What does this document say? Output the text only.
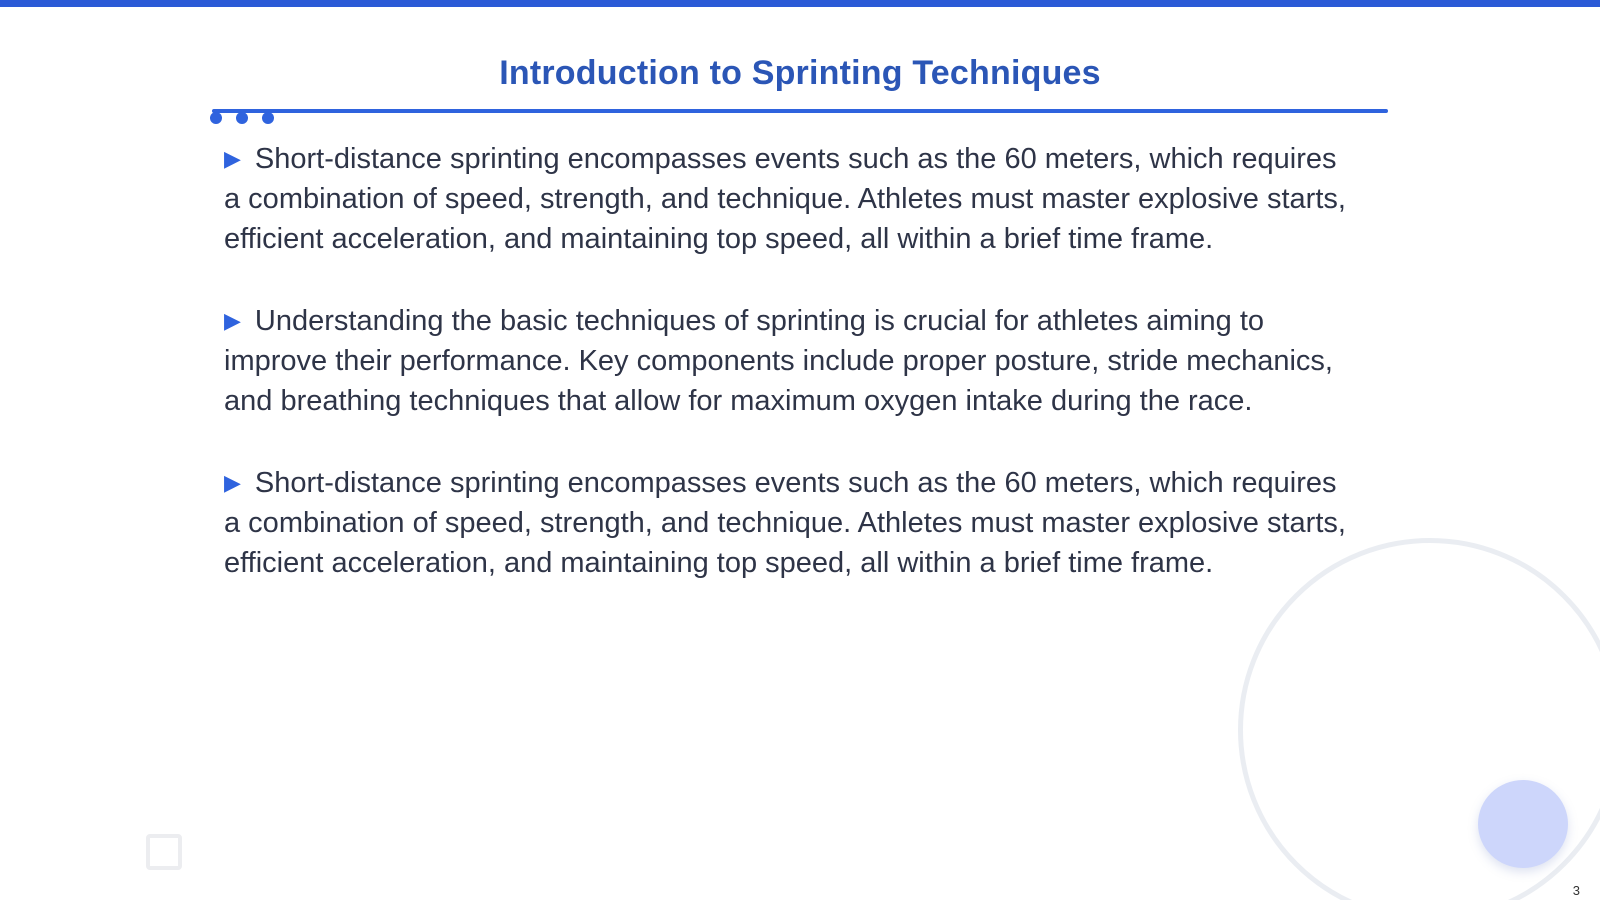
Introduction to Sprinting Techniques
▶ Short-distance sprinting encompasses events such as the 60 meters, which requires a combination of speed, strength, and technique. Athletes must master explosive starts, efficient acceleration, and maintaining top speed, all within a brief time frame.
▶ Understanding the basic techniques of sprinting is crucial for athletes aiming to improve their performance. Key components include proper posture, stride mechanics, and breathing techniques that allow for maximum oxygen intake during the race.
▶ Short-distance sprinting encompasses events such as the 60 meters, which requires a combination of speed, strength, and technique. Athletes must master explosive starts, efficient acceleration, and maintaining top speed, all within a brief time frame.
3
